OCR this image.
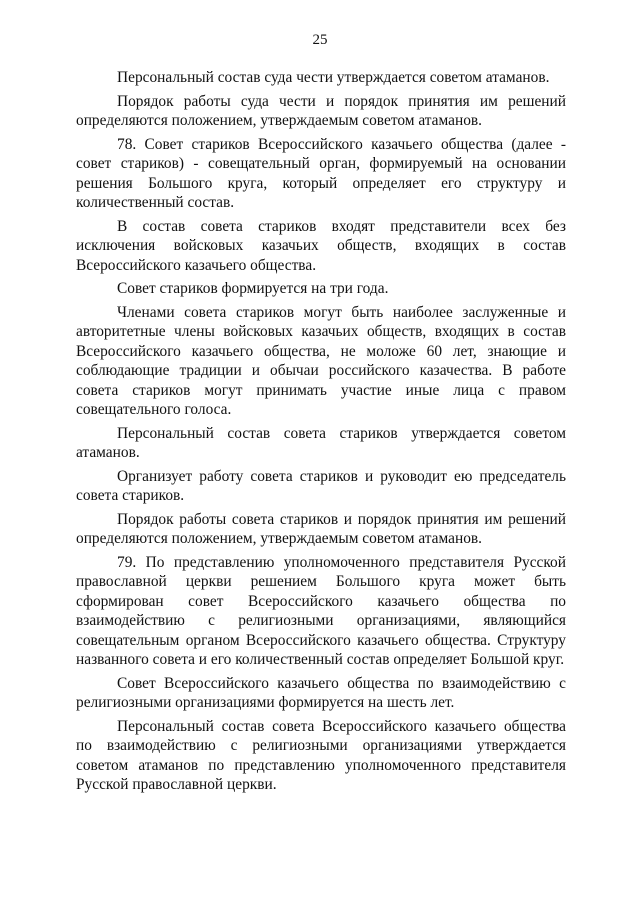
25

Персональный состав суда чести утверждается советом атаманов.

Порядок работы суда чести и порядок принятия им решений определяются положением, утверждаемым советом атаманов.

78. Совет стариков Всероссийского казачьего общества (далее - совет стариков) - совещательный орган, формируемый на основании решения Большого круга, который определяет его структуру и количественный состав.

В состав совета стариков входят представители всех без исключения войсковых казачьих обществ, входящих в состав Всероссийского казачьего общества.

Совет стариков формируется на три года.

Членами совета стариков могут быть наиболее заслуженные и авторитетные члены войсковых казачьих обществ, входящих в состав Всероссийского казачьего общества, не моложе 60 лет, знающие и соблюдающие традиции и обычаи российского казачества. В работе совета стариков могут принимать участие иные лица с правом совещательного голоса.

Персональный состав совета стариков утверждается советом атаманов.

Организует работу совета стариков и руководит ею председатель совета стариков.

Порядок работы совета стариков и порядок принятия им решений определяются положением, утверждаемым советом атаманов.

79. По представлению уполномоченного представителя Русской православной церкви решением Большого круга может быть сформирован совет Всероссийского казачьего общества по взаимодействию с религиозными организациями, являющийся совещательным органом Всероссийского казачьего общества. Структуру названного совета и его количественный состав определяет Большой круг.

Совет Всероссийского казачьего общества по взаимодействию с религиозными организациями формируется на шесть лет.

Персональный состав совета Всероссийского казачьего общества по взаимодействию с религиозными организациями утверждается советом атаманов по представлению уполномоченного представителя Русской православной церкви.
